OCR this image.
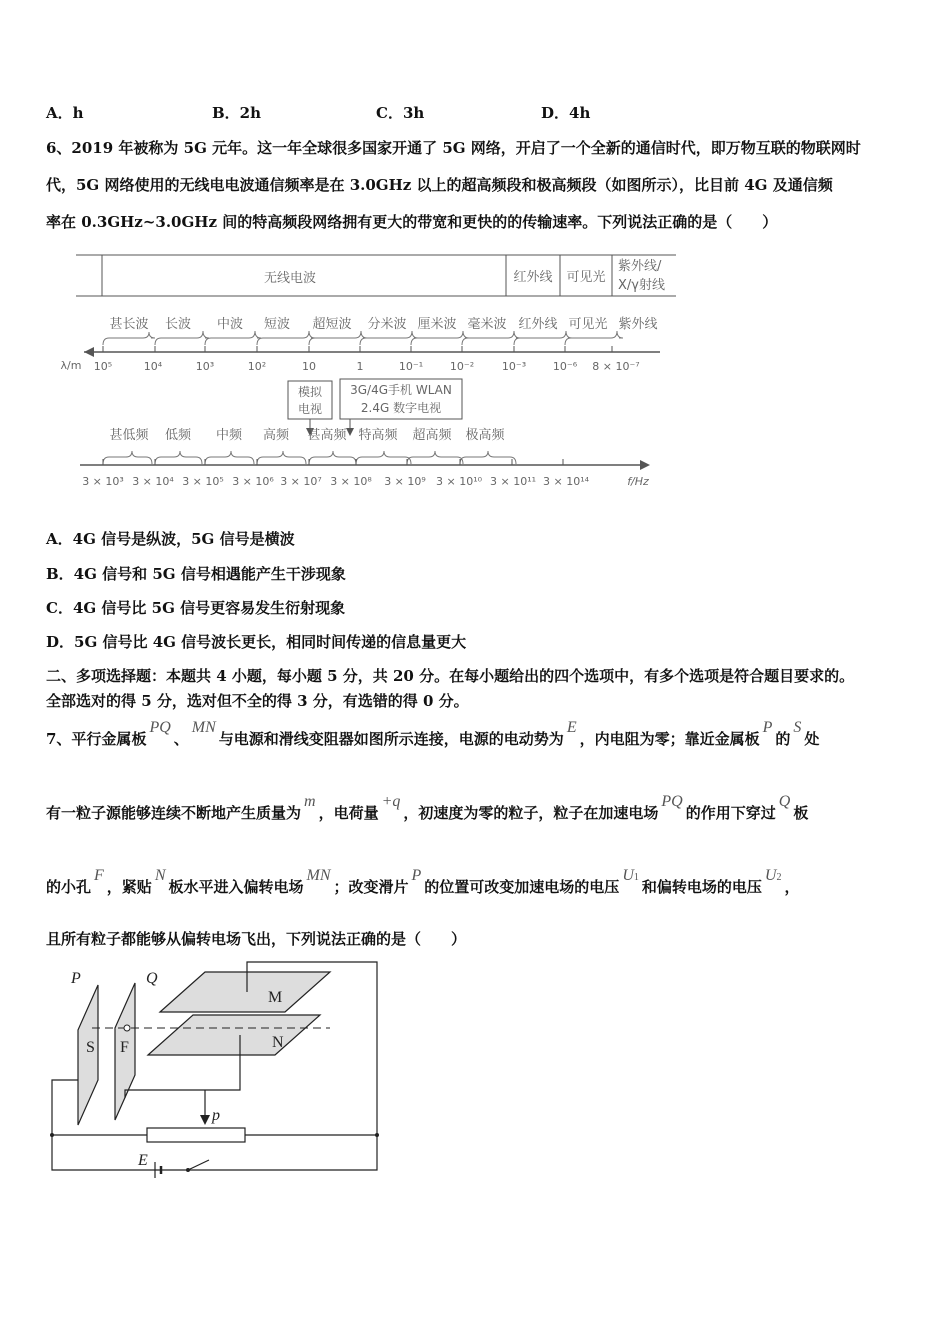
A．h	B．2h	C．3h	D．4h
6、2019 年被称为 5G 元年。这一年全球很多国家开通了 5G 网络，开启了一个全新的通信时代，即万物互联的物联网时
代，5G 网络使用的无线电电波通信频率是在 3.0GHz 以上的超高频段和极高频段（如图所示），比目前 4G 及通信频
率在 0.3GHz~3.0GHz 间的特高频段网络拥有更大的带宽和更快的的传输速率。下列说法正确的是（　　）
无线电波	红外线 可见光
紫外线/
X/γ射线
甚长波 长波 中波 短波 超短波 分米波 厘米波 毫米波 红外线 可见光 紫外线
λ/m 10⁵	10⁴	10³	10²	10	1	10⁻¹ 10⁻²	10⁻³ 10⁻⁶ 8 × 10⁻⁷
模拟
电视
3G/4G手机 WLAN
2.4G 数字电视
甚低频 低频 中频 高频 甚高频 特高频 超高频 极高频
3 × 10³ 3 × 10⁴ 3 × 10⁵ 3 × 10⁶ 3 × 10⁷ 3 × 10⁸ 3 × 10⁹ 3 × 10¹⁰ 3 × 10¹¹ 3 × 10¹⁴	f/Hz
A．4G 信号是纵波，5G 信号是横波
B．4G 信号和 5G 信号相遇能产生干涉现象
C．4G 信号比 5G 信号更容易发生衍射现象
D．5G 信号比 4G 信号波长更长，相同时间传递的信息量更大
二、多项选择题：本题共 4 小题，每小题 5 分，共 20 分。在每小题给出的四个选项中，有多个选项是符合题目要求的。
全部选对的得 5 分，选对但不全的得 3 分，有选错的得 0 分。
7、平行金属板PQ、MN与电源和滑线变阻器如图所示连接，电源的电动势为E，内电阻为零；靠近金属板P的S处
有一粒子源能够连续不断地产生质量为m，电荷量+q，初速度为零的粒子，粒子在加速电场PQ的作用下穿过Q板
的小孔F，紧贴N板水平进入偏转电场MN；改变滑片P的位置可改变加速电场的电压U1和偏转电场的电压U2，
且所有粒子都能够从偏转电场飞出，下列说法正确的是（　　）
P	Q
M
N
S F
p
E
